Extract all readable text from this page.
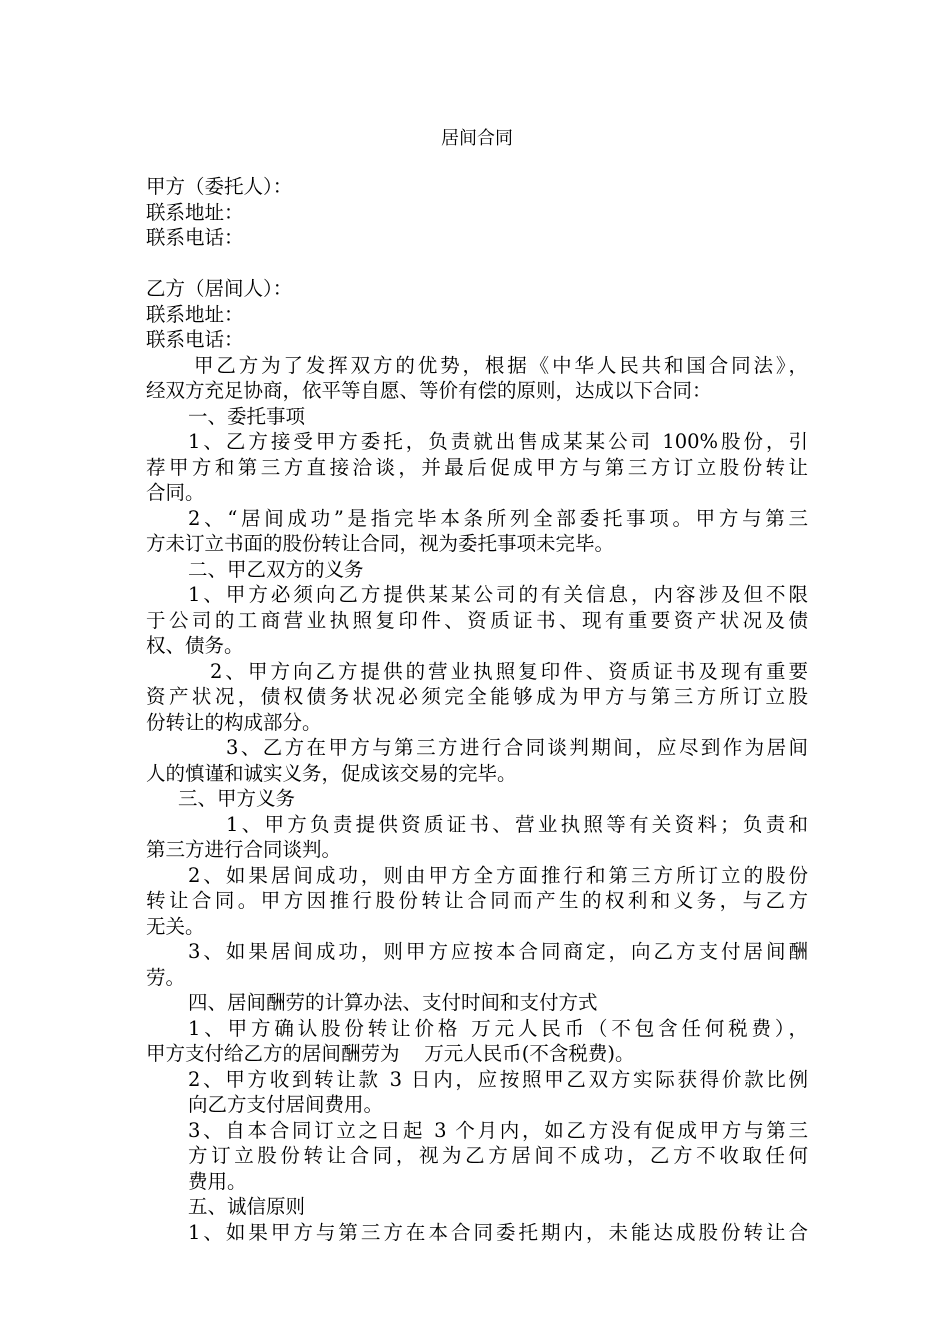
居间合同
甲方（委托人）：
联系地址：
联系电话：
乙方（居间人）：
联系地址：
联系电话：
甲乙方为了发挥双方的优势，根据《中华人民共和国合同法》，
经双方充足协商，依平等自愿、等价有偿的原则，达成以下合同：
一、委托事项
1、乙方接受甲方委托，负责就出售成某某公司 100%股份，引
荐甲方和第三方直接洽谈，并最后促成甲方与第三方订立股份转让
合同。
2、“居间成功”是指完毕本条所列全部委托事项。甲方与第三
方未订立书面的股份转让合同，视为委托事项未完毕。
二、甲乙双方的义务
1、甲方必须向乙方提供某某公司的有关信息，内容涉及但不限
于公司的工商营业执照复印件、资质证书、现有重要资产状况及债
权、债务。
2、甲方向乙方提供的营业执照复印件、资质证书及现有重要
资产状况，债权债务状况必须完全能够成为甲方与第三方所订立股
份转让的构成部分。
3、乙方在甲方与第三方进行合同谈判期间，应尽到作为居间
人的慎谨和诚实义务，促成该交易的完毕。
三、甲方义务
1、甲方负责提供资质证书、营业执照等有关资料；负责和
第三方进行合同谈判。
2、如果居间成功，则由甲方全方面推行和第三方所订立的股份
转让合同。甲方因推行股份转让合同而产生的权利和义务，与乙方
无关。
3、如果居间成功，则甲方应按本合同商定，向乙方支付居间酬
劳。
四、居间酬劳的计算办法、支付时间和支付方式
1、甲方确认股份转让价格 万元人民币（不包含任何税费），
甲方支付给乙方的居间酬劳为    万元人民币(不含税费)。
2、甲方收到转让款 3 日内，应按照甲乙双方实际获得价款比例
向乙方支付居间费用。
3、自本合同订立之日起 3 个月内，如乙方没有促成甲方与第三
方订立股份转让合同，视为乙方居间不成功，乙方不收取任何
费用。
五、诚信原则
1、如果甲方与第三方在本合同委托期内，未能达成股份转让合
